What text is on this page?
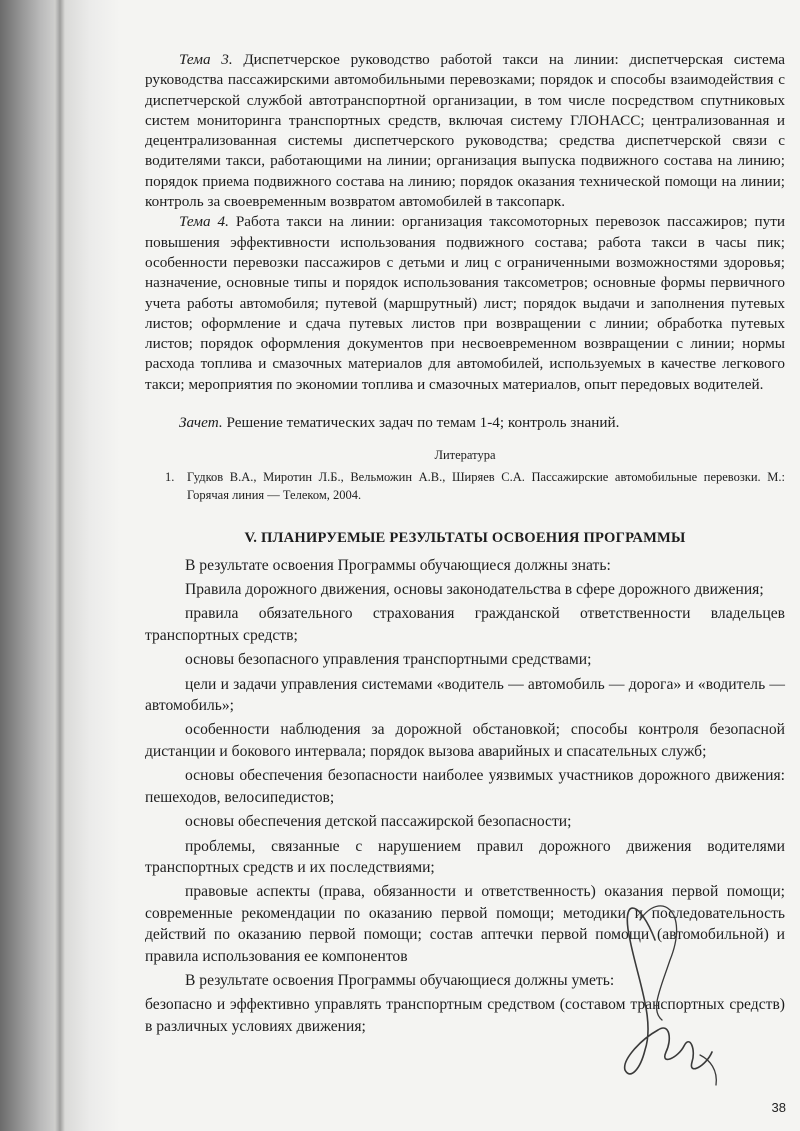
Тема 3. Диспетчерское руководство работой такси на линии: диспетчерская система руководства пассажирскими автомобильными перевозками; порядок и способы взаимодействия с диспетчерской службой автотранспортной организации, в том числе посредством спутниковых систем мониторинга транспортных средств, включая систему ГЛОНАСС; централизованная и децентрализованная системы диспетчерского руководства; средства диспетчерской связи с водителями такси, работающими на линии; организация выпуска подвижного состава на линию; порядок приема подвижного состава на линию; порядок оказания технической помощи на линии; контроль за своевременным возвратом автомобилей в таксопарк.

Тема 4. Работа такси на линии: организация таксомоторных перевозок пассажиров; пути повышения эффективности использования подвижного состава; работа такси в часы пик; особенности перевозки пассажиров с детьми и лиц с ограниченными возможностями здоровья; назначение, основные типы и порядок использования таксометров; основные формы первичного учета работы автомобиля; путевой (маршрутный) лист; порядок выдачи и заполнения путевых листов; оформление и сдача путевых листов при возвращении с линии; обработка путевых листов; порядок оформления документов при несвоевременном возвращении с линии; нормы расхода топлива и смазочных материалов для автомобилей, используемых в качестве легкового такси; мероприятия по экономии топлива и смазочных материалов, опыт передовых водителей.

Зачет. Решение тематических задач по темам 1-4; контроль знаний.

Литература
1.	Гудков В.А., Миротин Л.Б., Вельможин А.В., Ширяев С.А. Пассажирские автомобильные перевозки. М.: Горячая линия — Телеком, 2004.
V. ПЛАНИРУЕМЫЕ РЕЗУЛЬТАТЫ ОСВОЕНИЯ ПРОГРАММЫ

В результате освоения Программы обучающиеся должны знать:

Правила дорожного движения, основы законодательства в сфере дорожного движения;

правила обязательного страхования гражданской ответственности владельцев транспортных средств;

основы безопасного управления транспортными средствами;

цели и задачи управления системами «водитель — автомобиль — дорога» и «водитель — автомобиль»;

особенности наблюдения за дорожной обстановкой; способы контроля безопасной дистанции и бокового интервала; порядок вызова аварийных и спасательных служб;

основы обеспечения безопасности наиболее уязвимых участников дорожного движения: пешеходов, велосипедистов;

основы обеспечения детской пассажирской безопасности;

проблемы, связанные с нарушением правил дорожного движения водителями транспортных средств и их последствиями;

правовые аспекты (права, обязанности и ответственность) оказания первой помощи; современные рекомендации по оказанию первой помощи; методики и последовательность действий по оказанию первой помощи; состав аптечки первой помощи (автомобильной) и правила использования ее компонентов

В результате освоения Программы обучающиеся должны уметь:

безопасно и эффективно управлять транспортным средством (составом транспортных средств) в различных условиях движения;

38
